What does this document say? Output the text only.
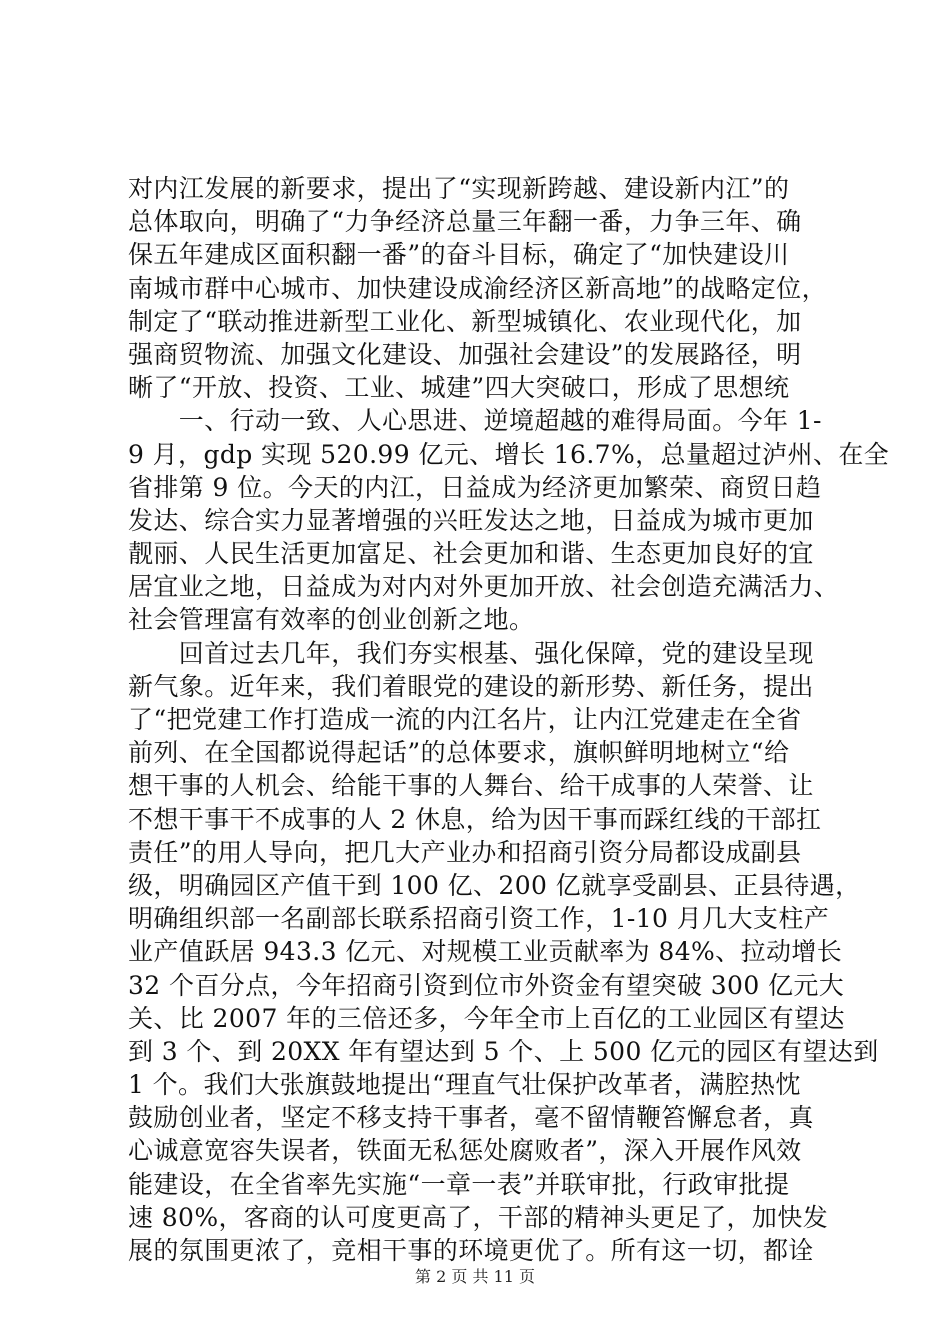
对内江发展的新要求，提出了“实现新跨越、建设新内江”的
总体取向，明确了“力争经济总量三年翻一番，力争三年、确
保五年建成区面积翻一番”的奋斗目标，确定了“加快建设川
南城市群中心城市、加快建设成渝经济区新高地”的战略定位，
制定了“联动推进新型工业化、新型城镇化、农业现代化，加
强商贸物流、加强文化建设、加强社会建设”的发展路径，明
晰了“开放、投资、工业、城建”四大突破口，形成了思想统
　　一、行动一致、人心思进、逆境超越的难得局面。今年 1-
9 月，gdp 实现 520.99 亿元、增长 16.7%，总量超过泸州、在全
省排第 9 位。今天的内江，日益成为经济更加繁荣、商贸日趋
发达、综合实力显著增强的兴旺发达之地，日益成为城市更加
靓丽、人民生活更加富足、社会更加和谐、生态更加良好的宜
居宜业之地，日益成为对内对外更加开放、社会创造充满活力、
社会管理富有效率的创业创新之地。
　　回首过去几年，我们夯实根基、强化保障，党的建设呈现
新气象。近年来，我们着眼党的建设的新形势、新任务，提出
了“把党建工作打造成一流的内江名片，让内江党建走在全省
前列、在全国都说得起话”的总体要求，旗帜鲜明地树立“给
想干事的人机会、给能干事的人舞台、给干成事的人荣誉、让
不想干事干不成事的人 2 休息，给为因干事而踩红线的干部扛
责任”的用人导向，把几大产业办和招商引资分局都设成副县
级，明确园区产值干到 100 亿、200 亿就享受副县、正县待遇，
明确组织部一名副部长联系招商引资工作，1-10 月几大支柱产
业产值跃居 943.3 亿元、对规模工业贡献率为 84%、拉动增长
32 个百分点，今年招商引资到位市外资金有望突破 300 亿元大
关、比 2007 年的三倍还多，今年全市上百亿的工业园区有望达
到 3 个、到 20XX 年有望达到 5 个、上 500 亿元的园区有望达到
1 个。我们大张旗鼓地提出“理直气壮保护改革者，满腔热忱
鼓励创业者，坚定不移支持干事者，毫不留情鞭笞懈怠者，真
心诚意宽容失误者，铁面无私惩处腐败者”，深入开展作风效
能建设，在全省率先实施“一章一表”并联审批，行政审批提
速 80%，客商的认可度更高了，干部的精神头更足了，加快发
展的氛围更浓了，竞相干事的环境更优了。所有这一切，都诠
第 2 页 共 11 页
